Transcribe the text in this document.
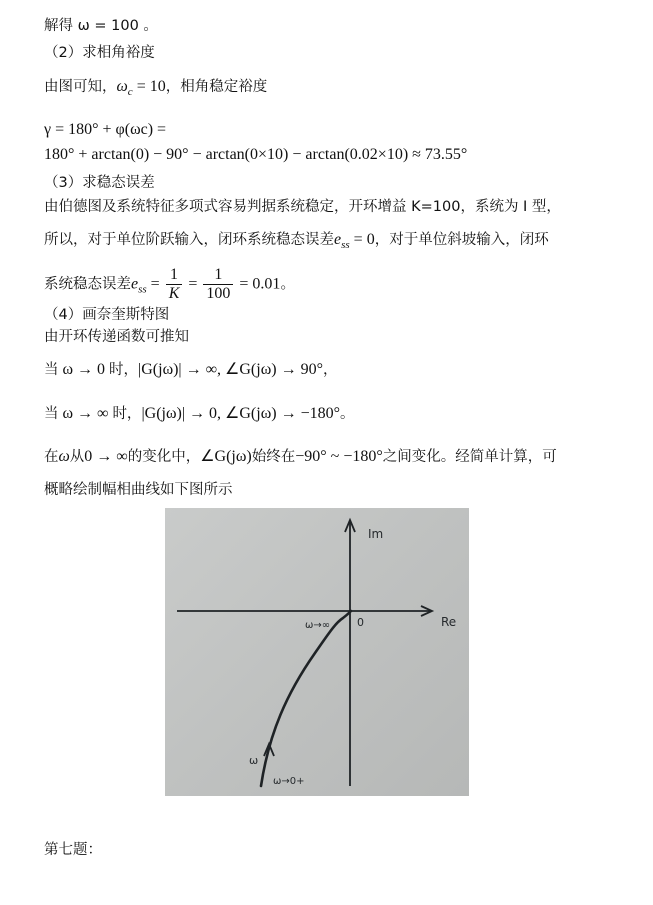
解得 ω = 100 。
（2）求相角裕度
由图可知，$\omega_c = 10$，相角稳定裕度
γ = 180° + φ(ωc) =
180° + arctan(0) − 90° − arctan(0×10) − arctan(0.02×10) ≈ 73.55°
（3）求稳态误差
由伯德图及系统特征多项式容易判据系统稳定，开环增益 K=100，系统为 I 型，
所以，对于单位阶跃输入，闭环系统稳态误差$e_{ss} = 0$，对于单位斜坡输入，闭环
系统稳态误差$e_{ss} = \frac{1}{K} = \frac{1}{100} = 0.01$。
（4）画奈奎斯特图
由开环传递函数可推知
当 ω → 0 时，|G(jω)| → ∞, ∠G(jω) → 90°，
当 ω → ∞ 时，|G(jω)| → 0, ∠G(jω) → −180°。
在ω从0 → ∞的变化中，∠G(jω)始终在−90° ~ −180°之间变化。经简单计算，可
概略绘制幅相曲线如下图所示
Im
Re
0
ω→∞
ω
ω→0+
第七题：
